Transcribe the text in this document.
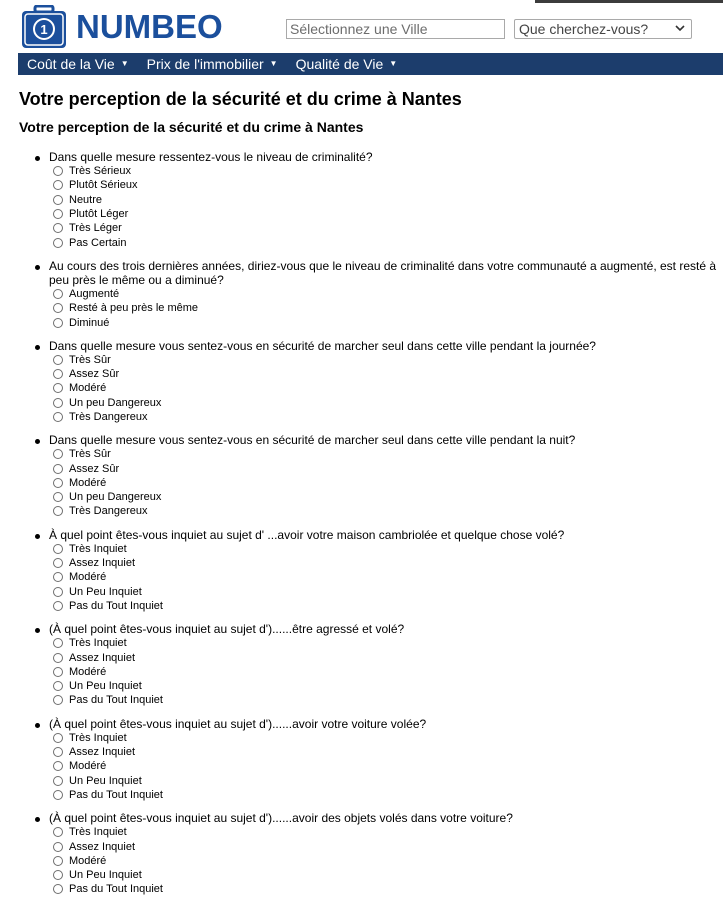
1 NUMBEO
Sélectionnez une Ville	Que cherchez-vous?
Coût de la Vie ▼ Prix de l'immobilier ▼ Qualité de Vie ▼
Votre perception de la sécurité et du crime à Nantes
Votre perception de la sécurité et du crime à Nantes
Dans quelle mesure ressentez-vous le niveau de criminalité?
Très Sérieux
Plutôt Sérieux
Neutre
Plutôt Léger
Très Léger
Pas Certain
Au cours des trois dernières années, diriez-vous que le niveau de criminalité dans votre communauté a augmenté, est resté à peu près le même ou a diminué?
Augmenté
Resté à peu près le même
Diminué
Dans quelle mesure vous sentez-vous en sécurité de marcher seul dans cette ville pendant la journée?
Très Sûr
Assez Sûr
Modéré
Un peu Dangereux
Très Dangereux
Dans quelle mesure vous sentez-vous en sécurité de marcher seul dans cette ville pendant la nuit?
Très Sûr
Assez Sûr
Modéré
Un peu Dangereux
Très Dangereux
À quel point êtes-vous inquiet au sujet d' ...avoir votre maison cambriolée et quelque chose volé?
Très Inquiet
Assez Inquiet
Modéré
Un Peu Inquiet
Pas du Tout Inquiet
(À quel point êtes-vous inquiet au sujet d')......être agressé et volé?
Très Inquiet
Assez Inquiet
Modéré
Un Peu Inquiet
Pas du Tout Inquiet
(À quel point êtes-vous inquiet au sujet d')......avoir votre voiture volée?
Très Inquiet
Assez Inquiet
Modéré
Un Peu Inquiet
Pas du Tout Inquiet
(À quel point êtes-vous inquiet au sujet d')......avoir des objets volés dans votre voiture?
Très Inquiet
Assez Inquiet
Modéré
Un Peu Inquiet
Pas du Tout Inquiet
